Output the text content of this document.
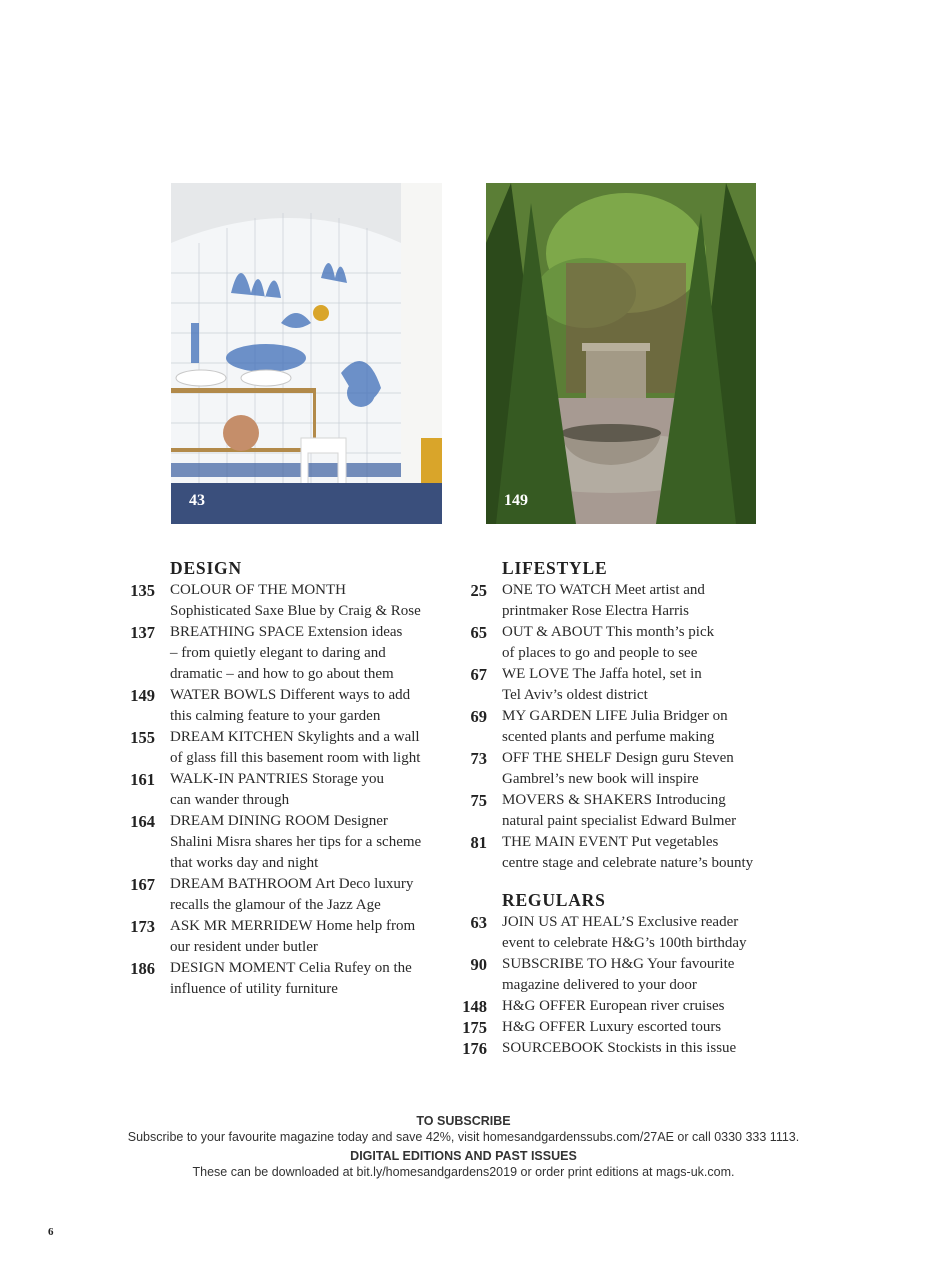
43	149
DESIGN
135 COLOUR OF THE MONTH
Sophisticated Saxe Blue by Craig & Rose
137 BREATHING SPACE Extension ideas
– from quietly elegant to daring and
dramatic – and how to go about them
149 WATER BOWLS Different ways to add
this calming feature to your garden
155 DREAM KITCHEN Skylights and a wall
of glass fill this basement room with light
161 WALK-IN PANTRIES Storage you
can wander through
164 DREAM DINING ROOM Designer
Shalini Misra shares her tips for a scheme
that works day and night
167 DREAM BATHROOM Art Deco luxury
recalls the glamour of the Jazz Age
173 ASK MR MERRIDEW Home help from
our resident under butler
186 DESIGN MOMENT Celia Rufey on the
influence of utility furniture
LIFESTYLE
25 ONE TO WATCH Meet artist and
printmaker Rose Electra Harris
65 OUT & ABOUT This month’s pick
of places to go and people to see
67 WE LOVE The Jaffa hotel, set in
Tel Aviv’s oldest district
69 MY GARDEN LIFE Julia Bridger on
scented plants and perfume making
73 OFF THE SHELF Design guru Steven
Gambrel’s new book will inspire
75 MOVERS & SHAKERS Introducing
natural paint specialist Edward Bulmer
81 THE MAIN EVENT Put vegetables
centre stage and celebrate nature’s bounty
REGULARS
63 JOIN US AT HEAL’S Exclusive reader
event to celebrate H&G’s 100th birthday
90 SUBSCRIBE TO H&G Your favourite
magazine delivered to your door
148 H&G OFFER European river cruises
175 H&G OFFER Luxury escorted tours
176 SOURCEBOOK Stockists in this issue
TO SUBSCRIBE
Subscribe to your favourite magazine today and save 42%, visit homesandgardenssubs.com/27AE or call 0330 333 1113.
DIGITAL EDITIONS AND PAST ISSUES
These can be downloaded at bit.ly/homesandgardens2019 or order print editions at mags-uk.com.
6
